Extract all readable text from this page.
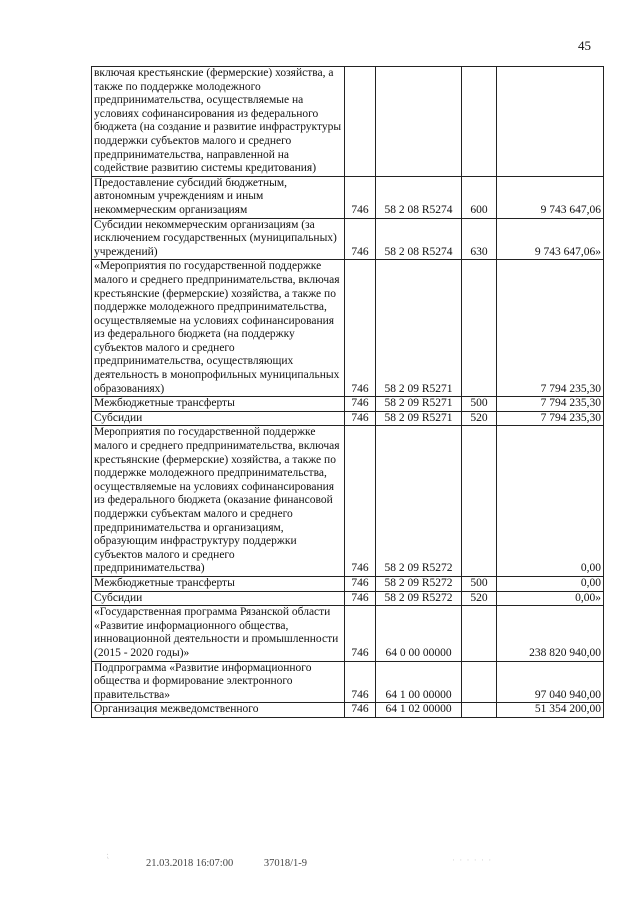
45
включая крестьянские (фермерские) хозяйства, а также по поддержке молодежного предпринимательства, осуществляемые на условиях софинансирования из федерального бюджета (на создание и развитие инфраструктуры поддержки субъектов малого и среднего предпринимательства, направленной на содействие развитию системы кредитования)				
Предоставление субсидий бюджетным, автономным учреждениям и иным некоммерческим организациям	746	58 2 08 R5274	600	9 743 647,06
Субсидии некоммерческим организациям (за исключением государственных (муниципальных) учреждений)	746	58 2 08 R5274	630	9 743 647,06»
«Мероприятия по государственной поддержке малого и среднего предпринимательства, включая крестьянские (фермерские) хозяйства, а также по поддержке молодежного предпринимательства, осуществляемые на условиях софинансирования из федерального бюджета (на поддержку субъектов малого и среднего предпринимательства, осуществляющих деятельность в монопрофильных муниципальных образованиях)	746	58 2 09 R5271		7 794 235,30
Межбюджетные трансферты	746	58 2 09 R5271	500	7 794 235,30
Субсидии	746	58 2 09 R5271	520	7 794 235,30
Мероприятия по государственной поддержке малого и среднего предпринимательства, включая крестьянские (фермерские) хозяйства, а также по поддержке молодежного предпринимательства, осуществляемые на условиях софинансирования из федерального бюджета (оказание финансовой поддержки субъектам малого и среднего предпринимательства и организациям, образующим инфраструктуру поддержки субъектов малого и среднего предпринимательства)	746	58 2 09 R5272		0,00
Межбюджетные трансферты	746	58 2 09 R5272	500	0,00
Субсидии	746	58 2 09 R5272	520	0,00»
«Государственная программа Рязанской области «Развитие информационного общества, инновационной деятельности и промышленности (2015 - 2020 годы)»	746	64 0 00 00000		238 820 940,00
Подпрограмма «Развитие информационного общества и формирование электронного правительства»	746	64 1 00 00000		97 040 940,00
Организация межведомственного	746	64 1 02 00000		51 354 200,00
⁏
21.03.2018 16:07:00	37018/1-9	· · · · · ·
